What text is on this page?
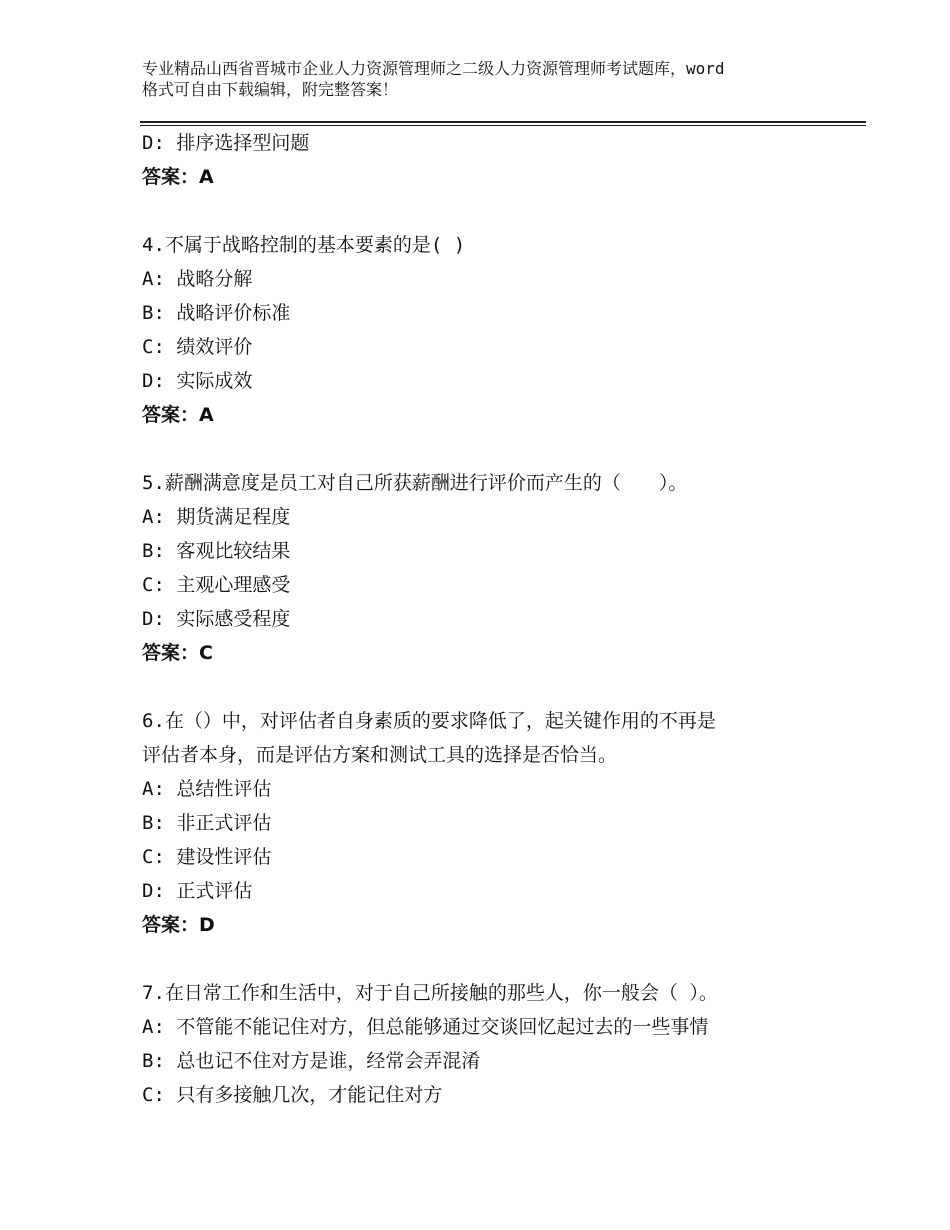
专业精品山西省晋城市企业人力资源管理师之二级人力资源管理师考试题库，word
格式可自由下载编辑，附完整答案！
D: 排序选择型问题
答案：A
4.不属于战略控制的基本要素的是( )
A: 战略分解
B: 战略评价标准
C: 绩效评价
D: 实际成效
答案：A
5.薪酬满意度是员工对自己所获薪酬进行评价而产生的（　　）。
A: 期货满足程度
B: 客观比较结果
C: 主观心理感受
D: 实际感受程度
答案：C
6.在（）中，对评估者自身素质的要求降低了，起关键作用的不再是
评估者本身，而是评估方案和测试工具的选择是否恰当。
A: 总结性评估
B: 非正式评估
C: 建设性评估
D: 正式评估
答案：D
7.在日常工作和生活中，对于自己所接触的那些人，你一般会（ ）。
A: 不管能不能记住对方，但总能够通过交谈回忆起过去的一些事情
B: 总也记不住对方是谁，经常会弄混淆
C: 只有多接触几次，才能记住对方
